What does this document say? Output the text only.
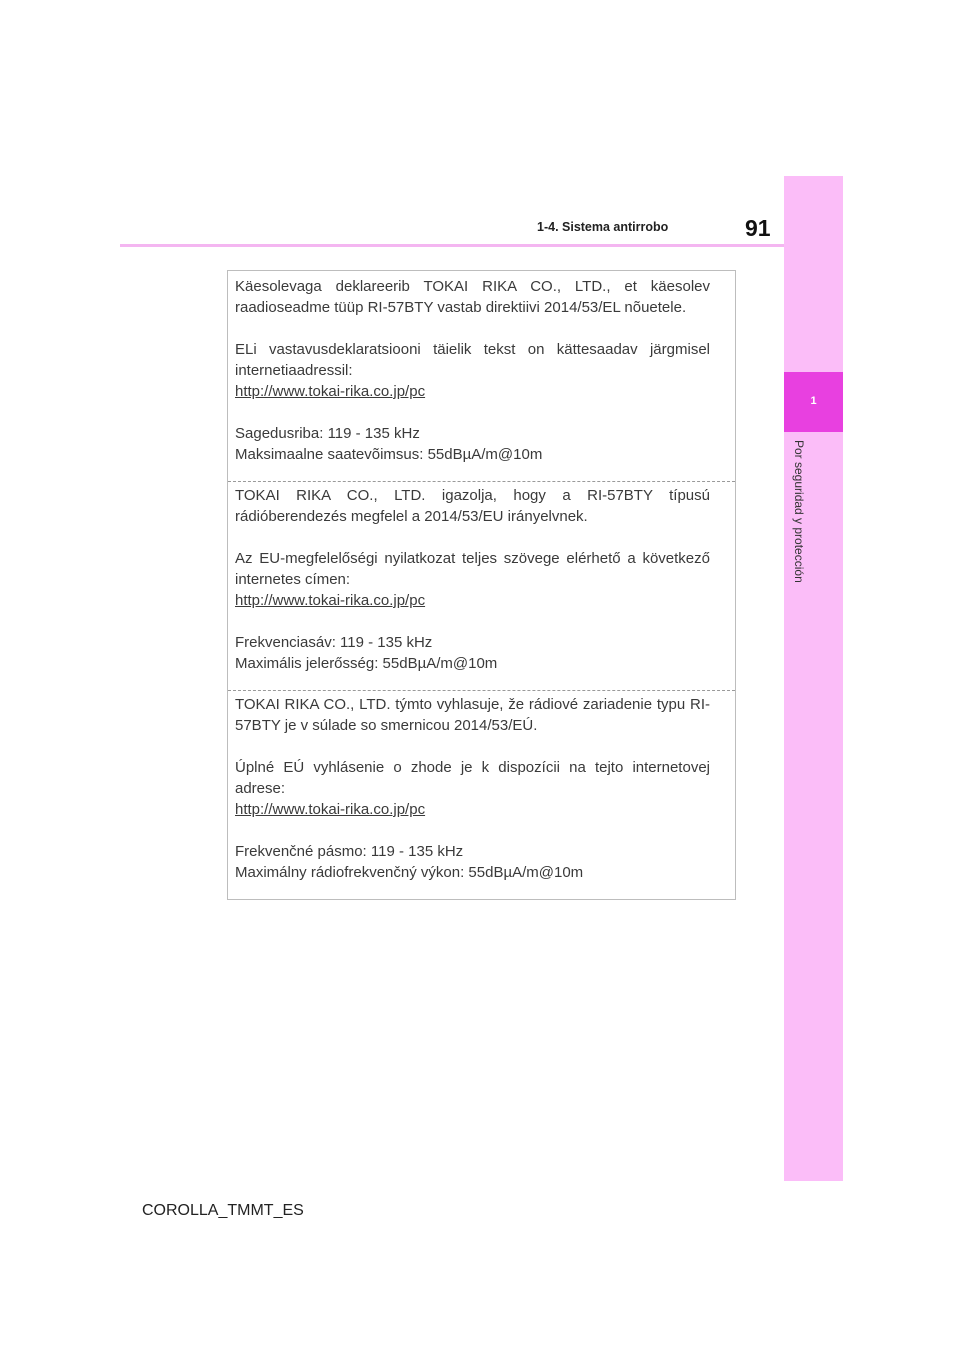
91
1-4. Sistema antirrobo
1
Por seguridad y protección

Käesolevaga deklareerib TOKAI RIKA CO., LTD., et käesolev raadioseadme tüüp RI-57BTY vastab direktiivi 2014/53/EL nõuetele.

ELi vastavusdeklaratsiooni täielik tekst on kättesaadav järgmisel internetiaadressil:

http://www.tokai-rika.co.jp/pc

Sagedusriba: 119 - 135 kHz

Maksimaalne saatevõimsus: 55dBµA/m@10m

TOKAI RIKA CO., LTD. igazolja, hogy a RI-57BTY típusú rádióberendezés megfelel a 2014/53/EU irányelvnek.

Az EU-megfelelőségi nyilatkozat teljes szövege elérhető a következő internetes címen:

http://www.tokai-rika.co.jp/pc

Frekvenciasáv: 119 - 135 kHz

Maximális jelerősség: 55dBµA/m@10m

TOKAI RIKA CO., LTD. týmto vyhlasuje, že rádiové zariadenie typu RI-57BTY je v súlade so smernicou 2014/53/EÚ.

Úplné EÚ vyhlásenie o zhode je k dispozícii na tejto internetovej adrese:

http://www.tokai-rika.co.jp/pc

Frekvenčné pásmo: 119 - 135 kHz

Maximálny rádiofrekvenčný výkon: 55dBµA/m@10m

COROLLA_TMMT_ES
